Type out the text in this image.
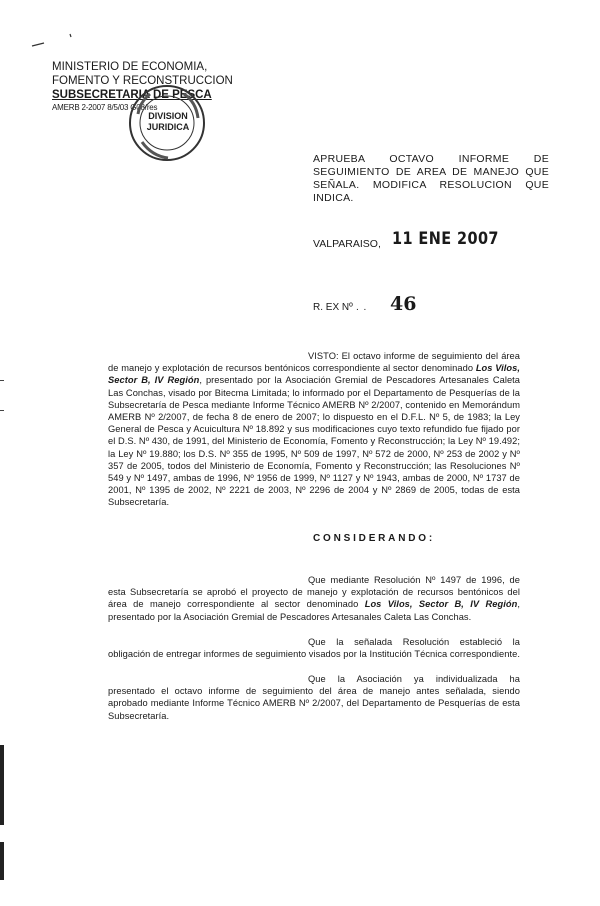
MINISTERIO DE ECONOMIA,
FOMENTO Y RECONSTRUCCION
SUBSECRETARIA DE PESCA
AMERB 2-2007 8/5/03 G08/res
DIVISION
JURIDICA
APRUEBA OCTAVO INFORME DE SEGUIMIENTO DE AREA DE MANEJO QUE SEÑALA. MODIFICA RESOLUCION QUE INDICA.
VALPARAISO, 11 ENE 2007
R. EX Nº . . 46
VISTO: El octavo informe de seguimiento del área de manejo y explotación de recursos bentónicos correspondiente al sector denominado Los Vilos, Sector B, IV Región, presentado por la Asociación Gremial de Pescadores Artesanales Caleta Las Conchas, visado por Bitecma Limitada; lo informado por el Departamento de Pesquerías de la Subsecretaría de Pesca mediante Informe Técnico AMERB Nº 2/2007, contenido en Memorándum AMERB Nº 2/2007, de fecha 8 de enero de 2007; lo dispuesto en el D.F.L. Nº 5, de 1983; la Ley General de Pesca y Acuicultura Nº 18.892 y sus modificaciones cuyo texto refundido fue fijado por el D.S. Nº 430, de 1991, del Ministerio de Economía, Fomento y Reconstrucción; la Ley Nº 19.492; la Ley Nº 19.880; los D.S. Nº 355 de 1995, Nº 509 de 1997, Nº 572 de 2000, Nº 253 de 2002 y Nº 357 de 2005, todos del Ministerio de Economía, Fomento y Reconstrucción; las Resoluciones Nº 549 y Nº 1497, ambas de 1996, Nº 1956 de 1999, Nº 1127 y Nº 1943, ambas de 2000, Nº 1737 de 2001, Nº 1395 de 2002, Nº 2221 de 2003, Nº 2296 de 2004 y Nº 2869 de 2005, todas de esta Subsecretaría.
CONSIDERANDO:
Que mediante Resolución Nº 1497 de 1996, de esta Subsecretaría se aprobó el proyecto de manejo y explotación de recursos bentónicos del área de manejo correspondiente al sector denominado Los Vilos, Sector B, IV Región, presentado por la Asociación Gremial de Pescadores Artesanales Caleta Las Conchas.
Que la señalada Resolución estableció la obligación de entregar informes de seguimiento visados por la Institución Técnica correspondiente.
Que la Asociación ya individualizada ha presentado el octavo informe de seguimiento del área de manejo antes señalada, siendo aprobado mediante Informe Técnico AMERB Nº 2/2007, del Departamento de Pesquerías de esta Subsecretaría.
